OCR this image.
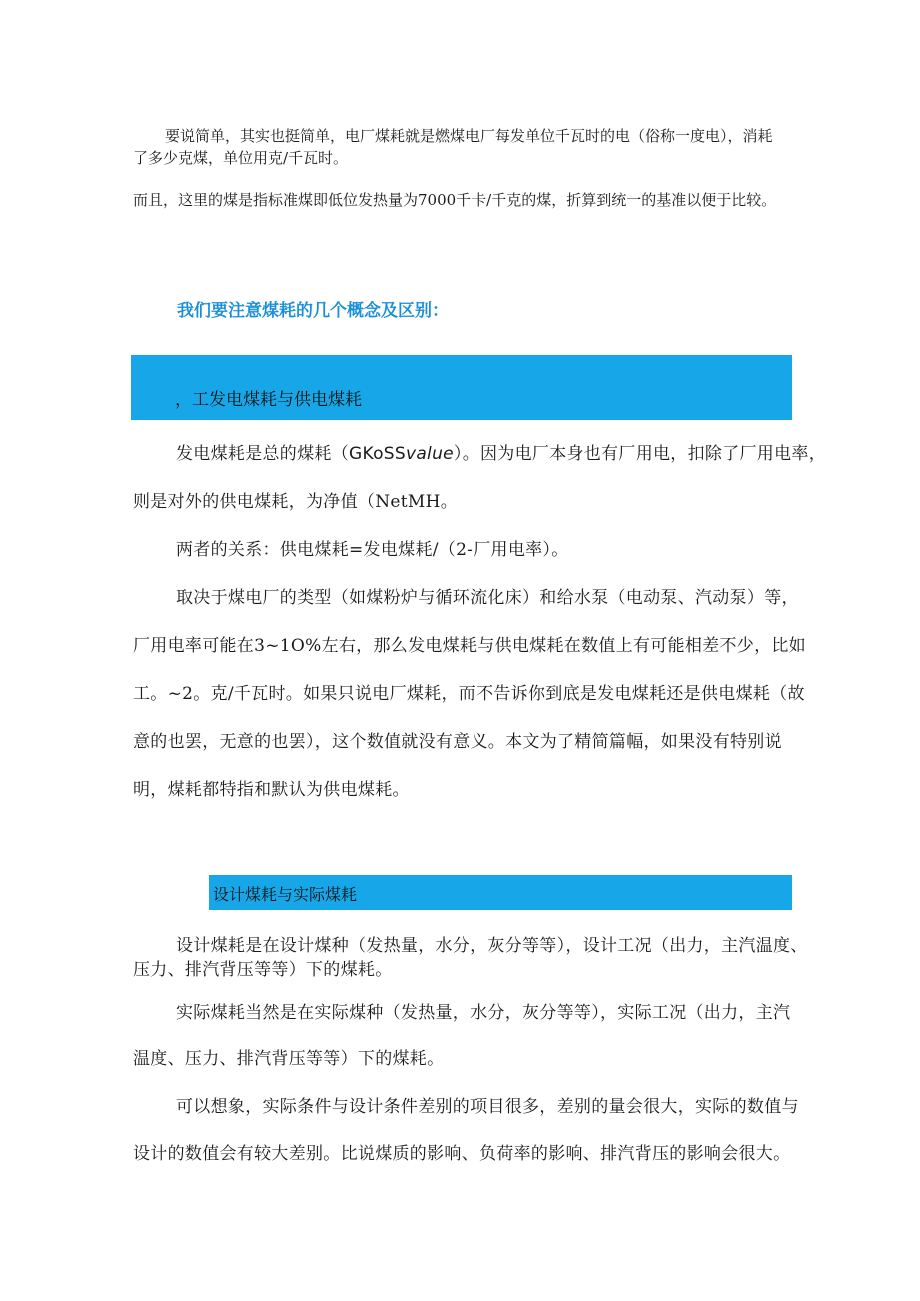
要说简单，其实也挺简单，电厂煤耗就是燃煤电厂每发单位千瓦时的电（俗称一度电），消耗

了多少克煤，单位用克/千瓦时。

而且，这里的煤是指标准煤即低位发热量为7000千卡/千克的煤，折算到统一的基准以便于比较。

我们要注意煤耗的几个概念及区别：
，工发电煤耗与供电煤耗

发电煤耗是总的煤耗（GKoSSvalue）。因为电厂本身也有厂用电，扣除了厂用电率，

则是对外的供电煤耗，为净值（NetMH。

两者的关系：供电煤耗=发电煤耗/（2-厂用电率）。

取决于煤电厂的类型（如煤粉炉与循环流化床）和给水泵（电动泵、汽动泵）等，

厂用电率可能在3~1O%左右，那么发电煤耗与供电煤耗在数值上有可能相差不少，比如

工。~2。克/千瓦时。如果只说电厂煤耗，而不告诉你到底是发电煤耗还是供电煤耗（故

意的也罢，无意的也罢），这个数值就没有意义。本文为了精简篇幅，如果没有特别说

明，煤耗都特指和默认为供电煤耗。

设计煤耗与实际煤耗

设计煤耗是在设计煤种（发热量，水分，灰分等等），设计工况（出力，主汽温度、

压力、排汽背压等等）下的煤耗。

实际煤耗当然是在实际煤种（发热量，水分，灰分等等），实际工况（出力，主汽

温度、压力、排汽背压等等）下的煤耗。

可以想象，实际条件与设计条件差别的项目很多，差别的量会很大，实际的数值与

设计的数值会有较大差别。比说煤质的影响、负荷率的影响、排汽背压的影响会很大。
